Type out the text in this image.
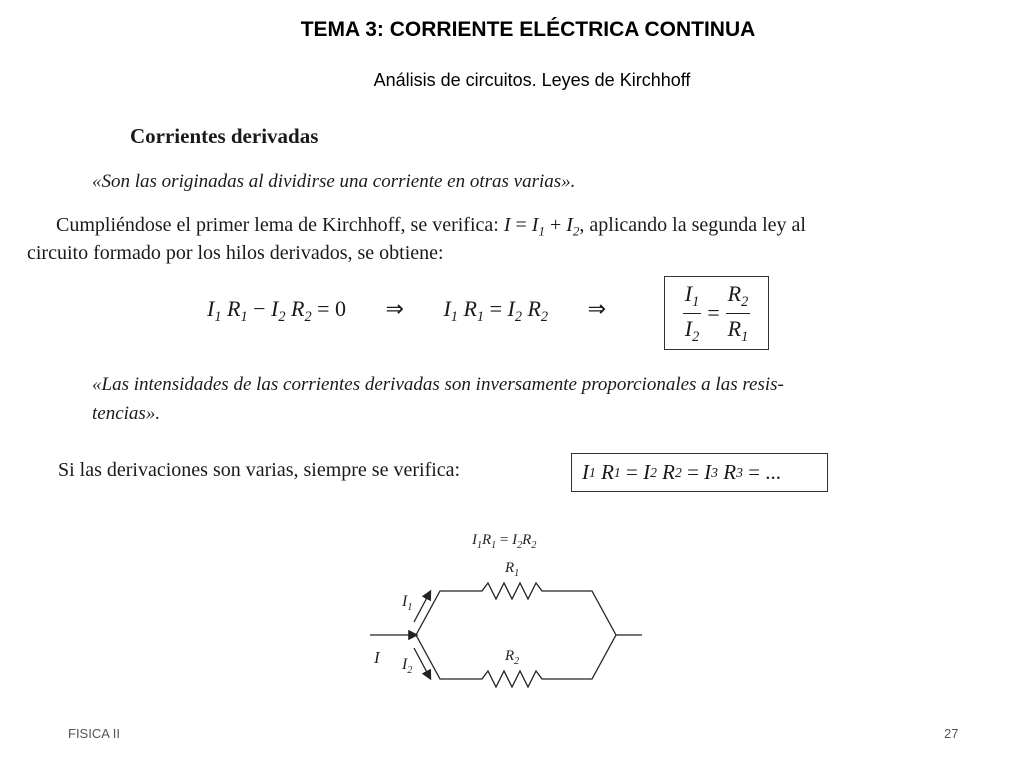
TEMA 3: CORRIENTE ELÉCTRICA CONTINUA
Análisis de circuitos. Leyes de Kirchhoff
Corrientes derivadas
«Son las originadas al dividirse una corriente en otras varias».
Cumpliéndose el primer lema de Kirchhoff, se verifica: $I = I_1 + I_2$, aplicando la segunda ley al
circuito formado por los hilos derivados, se obtiene:
$I_1$ $R_1 - I_2$ $R_2 = 0$ ⇒ $I_1$ $R_1 = I_2$ $R_2$ ⇒	$\frac{I_1}{I_2} = \frac{R_2}{R_1}$
«Las intensidades de las corrientes derivadas son inversamente proporcionales a las resis-
tencias».
Si las derivaciones son varias, siempre se verifica:	I 1 R 1
= I 2 R 2
= I 3 R 3
=
...
$I_1R_1 = I_2R_2$
$R_1$
$R_2$
I
$I_1$
$I_2$
FISICA II	27
